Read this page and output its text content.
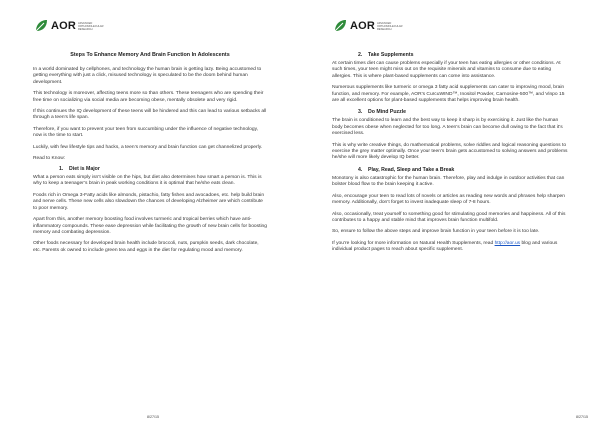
AOR ADVANCED ORTHOMOLECULAR RESEARCH
Steps To Enhance Memory And Brain Function In Adolescents

In a world dominated by cellphones, and technology the human brain is getting lazy. Being accustomed to getting everything with just a click, misused technology is speculated to be the doom behind human development.

This technology is moreover, affecting teens more so than others. These teenagers who are spending their free time on socializing via social media are becoming obese, mentally obsolete and very rigid.

If this continues the IQ development of these teens will be hindered and this can lead to various setbacks all through a teen’s life span.

Therefore, if you want to prevent your teen from succumbing under the influence of negative technology, now is the time to start.

Luckily, with few lifestyle tips and hacks, a teen’s memory and brain function can get channelized properly.

Read to Know:
1. Diet is Major

What a person eats simply isn’t visible on the hips, but diet also determines how smart a person is. This is why to keep a teenager’s brain in peak working conditions it is optimal that he/she eats clean.

Foods rich in Omega 3-Fatty acids like almonds, pistachio, fatty fishes and avocadoes, etc. help build brain and nerve cells. These new cells also slowdown the chances of developing Alzheimer are which contribute to poor memory.

Apart from this, another memory boosting food involves turmeric and tropical berries which have anti-inflammatory compounds. These ease depression while facilitating the growth of new brain cells for boosting memory and combating depression.

Other foods necessary for developed brain health include broccoli, nuts, pumpkin seeds, dark chocolate, etc. Parents ok owned to include green tea and eggs in the diet for regulating mood and memory.

8/27/15
AOR ADVANCED ORTHOMOLECULAR RESEARCH
2. Take Supplements

At certain times diet can cause problems especially if your teen has eating allergies or other conditions. At such times, your teen might miss out on the requisite minerals and vitamins to consume due to eating allergies. This is where plant-based supplements can come into assistance.

Numerous supplements like turmeric or omega 3 fatty acid supplements can cater to improving mood, brain function, and memory. For example, AOR’s CurcuWIND™, Inositol Powder, Carnosine-500™, and Vinpo 15 are all excellent options for plant-based supplements that helps improving brain health.

3. Do Mind Puzzle

The brain is conditioned to learn and the best way to keep it sharp is by exercising it. Just like the human body becomes obese when neglected for too long. A teen’s brain can become dull owing to the fact that it’s exercised less.

This is why write creative things, do mathematical problems, solve riddles and logical reasoning questions to exercise the grey matter optimally. Once your teen’s brain gets accustomed to solving answers and problems he/she will more likely develop IQ better.

4. Play, Read, Sleep and Take a Break

Monotony is also catastrophic for the human brain. Therefore, play and indulge in outdoor activities that can bolster blood flow to the brain keeping it active.

Also, encourage your teen to read lots of novels or articles as reading new words and phrases help sharpen memory. Additionally, don’t forget to invest inadequate sleep of 7-8 hours.

Also, occasionally, treat yourself to something good for stimulating good memories and happiness. All of this contributes to a happy and stable mind that improves brain function multifold.

So, ensure to follow the above steps and improve brain function in your teen before it is too late.

If you’re looking for more information on Natural Health Supplements, read http://aor.us blog and various individual product pages to reach about specific supplement.

8/27/15
